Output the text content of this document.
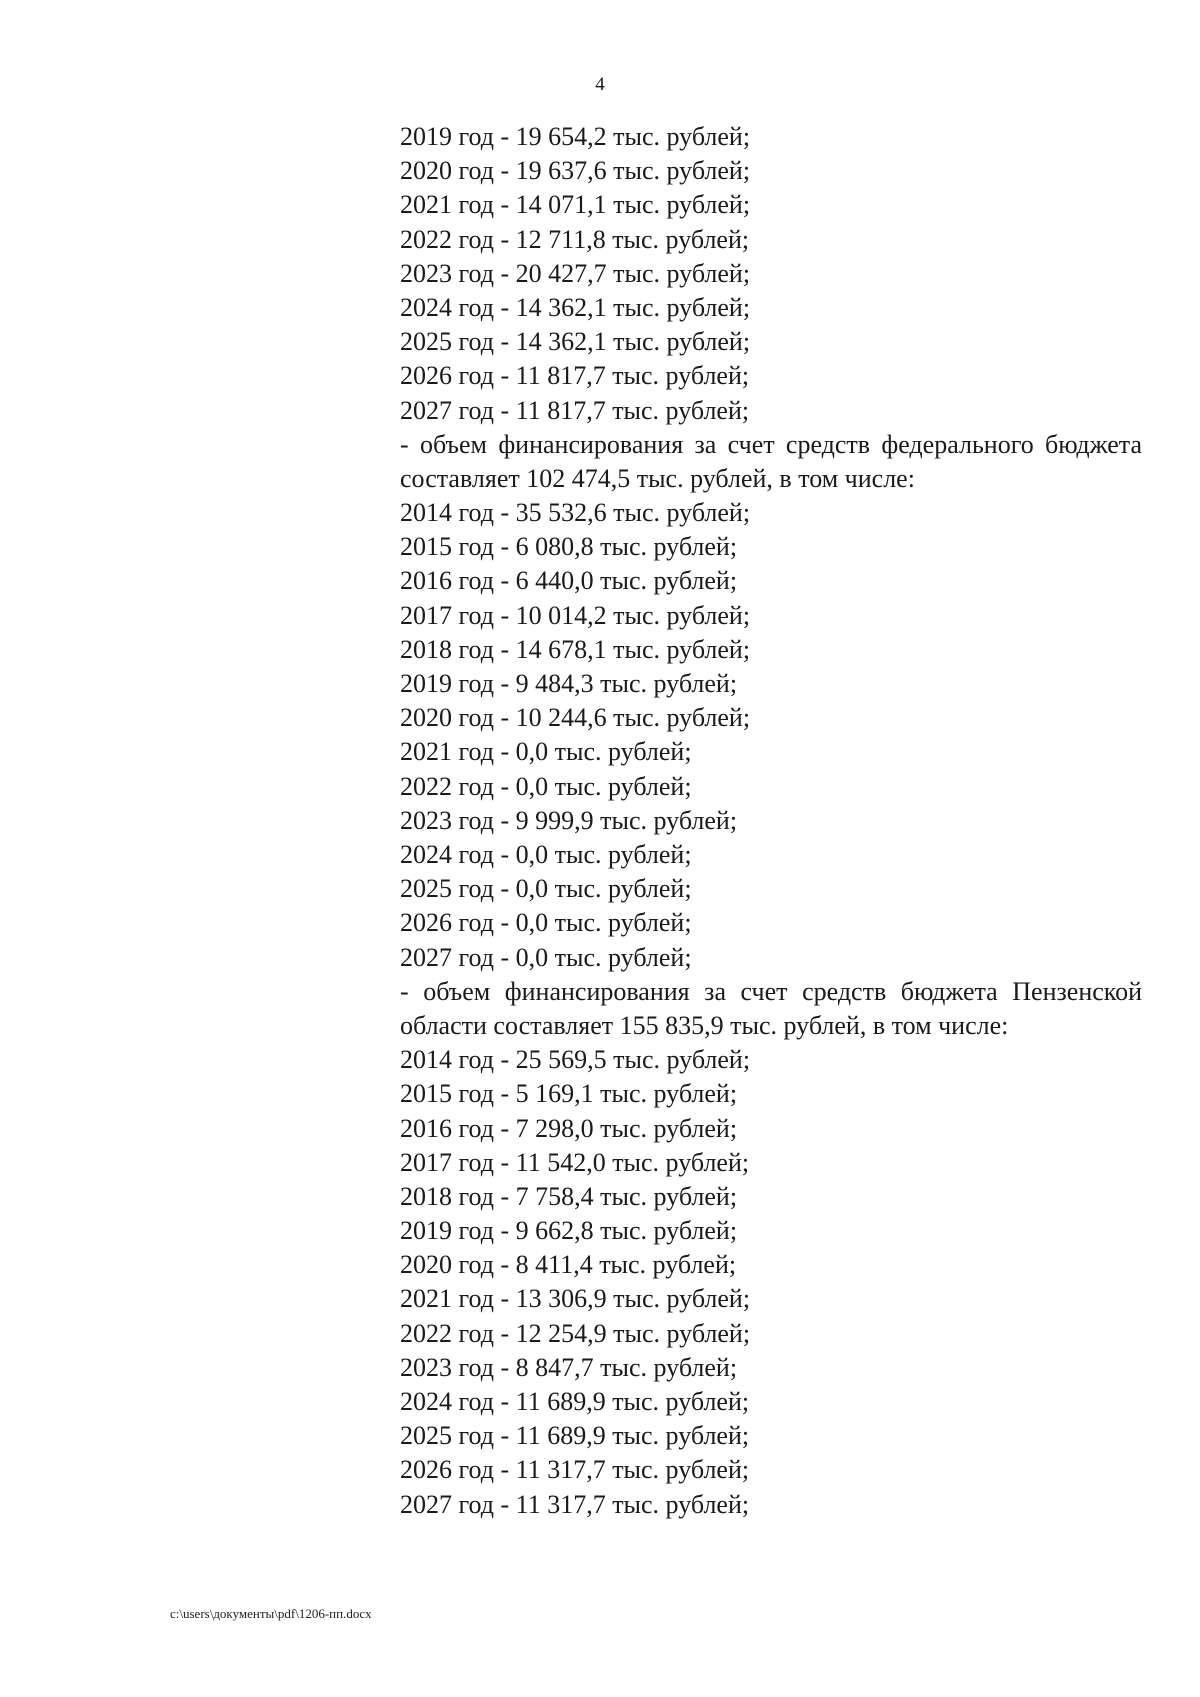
4
2019 год - 19 654,2 тыс. рублей;
2020 год - 19 637,6 тыс. рублей;
2021 год - 14 071,1 тыс. рублей;
2022 год - 12 711,8 тыс. рублей;
2023 год - 20 427,7 тыс. рублей;
2024 год - 14 362,1 тыс. рублей;
2025 год - 14 362,1 тыс. рублей;
2026 год - 11 817,7 тыс. рублей;
2027 год - 11 817,7 тыс. рублей;
- объем финансирования за счет средств федерального бюджета составляет 102 474,5 тыс. рублей, в том числе:
2014 год - 35 532,6 тыс. рублей;
2015 год - 6 080,8 тыс. рублей;
2016 год - 6 440,0 тыс. рублей;
2017 год - 10 014,2 тыс. рублей;
2018 год - 14 678,1 тыс. рублей;
2019 год - 9 484,3 тыс. рублей;
2020 год - 10 244,6 тыс. рублей;
2021 год - 0,0 тыс. рублей;
2022 год - 0,0 тыс. рублей;
2023 год - 9 999,9 тыс. рублей;
2024 год - 0,0 тыс. рублей;
2025 год - 0,0 тыс. рублей;
2026 год - 0,0 тыс. рублей;
2027 год - 0,0 тыс. рублей;
- объем финансирования за счет средств бюджета Пензенской области составляет 155 835,9 тыс. рублей, в том числе:
2014 год - 25 569,5 тыс. рублей;
2015 год - 5 169,1 тыс. рублей;
2016 год - 7 298,0 тыс. рублей;
2017 год - 11 542,0 тыс. рублей;
2018 год - 7 758,4 тыс. рублей;
2019 год - 9 662,8 тыс. рублей;
2020 год - 8 411,4 тыс. рублей;
2021 год - 13 306,9 тыс. рублей;
2022 год - 12 254,9 тыс. рублей;
2023 год - 8 847,7 тыс. рублей;
2024 год - 11 689,9 тыс. рублей;
2025 год - 11 689,9 тыс. рублей;
2026 год - 11 317,7 тыс. рублей;
2027 год - 11 317,7 тыс. рублей;
c:\users\документы\pdf\1206-пп.docx
